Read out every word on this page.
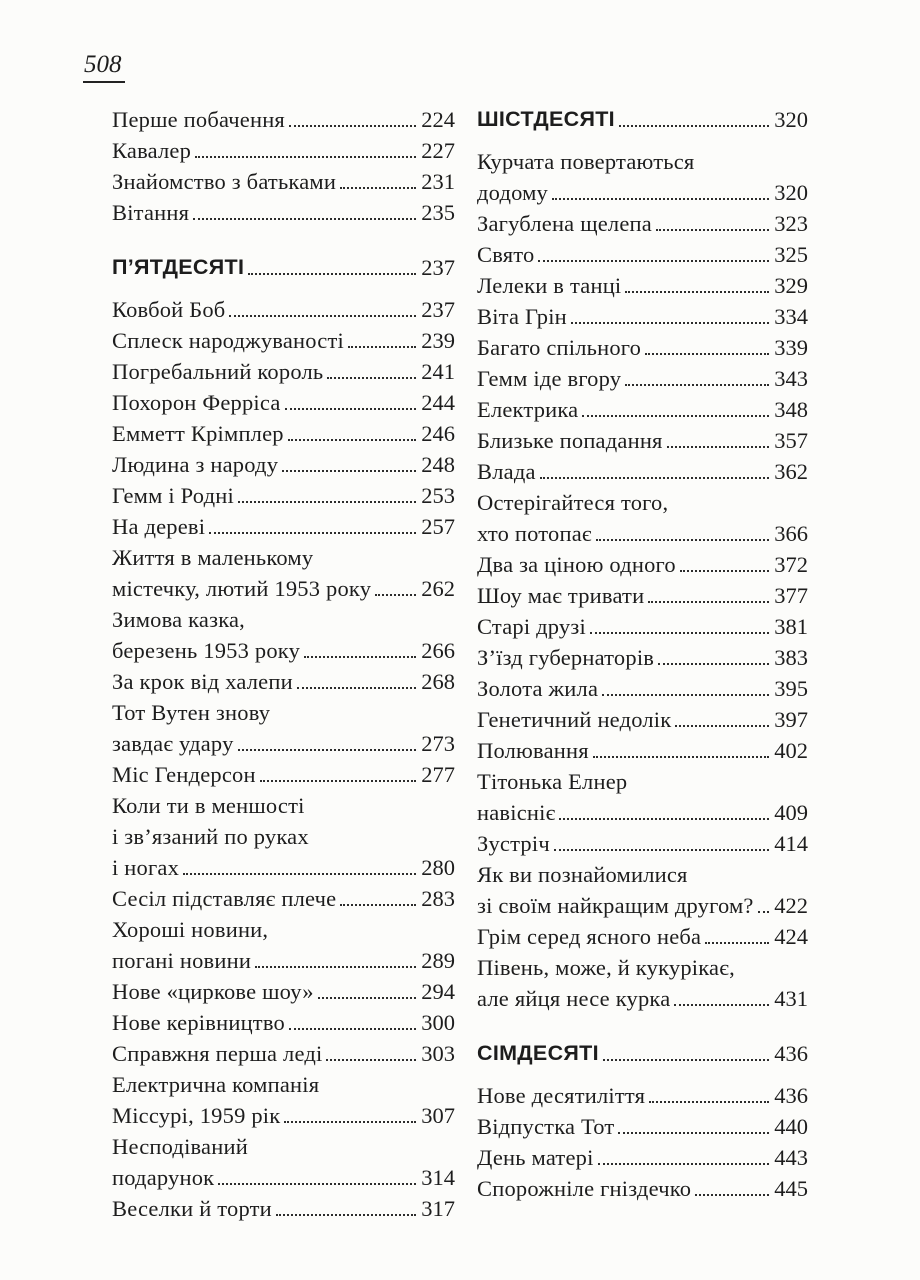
508
Перше побачення	224
Кавалер	227
Знайомство з батьками	231
Вітання	235
П’ЯТДЕСЯТІ	237
Ковбой Боб	237
Сплеск народжуваності	239
Погребальний король	241
Похорон Ферріса	244
Емметт Крімплер	246
Людина з народу	248
Гемм і Родні	253
На дереві	257
Життя в маленькому
містечку, лютий 1953 року 262
Зимова казка,
березень 1953 року	266
За крок від халепи	268
Тот Вутен знову
завдає удару	273
Міс Гендерсон	277
Коли ти в меншості
і зв’язаний по руках
і ногах	280
Сесіл підставляє плече	283
Хороші новини,
погані новини	289
Нове «циркове шоу»	294
Нове керівництво	300
Справжня перша леді	303
Електрична компанія
Міссурі, 1959 рік	307
Несподіваний
подарунок	314
Веселки й торти	317
ШІСТДЕСЯТІ	320
Курчата повертаються
додому	320
Загублена щелепа	323
Свято	325
Лелеки в танці	329
Віта Грін	334
Багато спільного	339
Гемм іде вгору	343
Електрика	348
Близьке попадання	357
Влада	362
Остерігайтеся того,
хто потопає	366
Два за ціною одного	372
Шоу має тривати	377
Старі друзі	381
З’їзд губернаторів	383
Золота жила	395
Генетичний недолік	397
Полювання	402
Тітонька Елнер
навісніє	409
Зустріч	414
Як ви познайомилися
зі своїм найкращим другом? 422
Грім серед ясного неба	424
Півень, може, й кукурікає,
але яйця несе курка	431
СІМДЕСЯТІ	436
Нове десятиліття	436
Відпустка Тот	440
День матері	443
Спорожніле гніздечко	445
